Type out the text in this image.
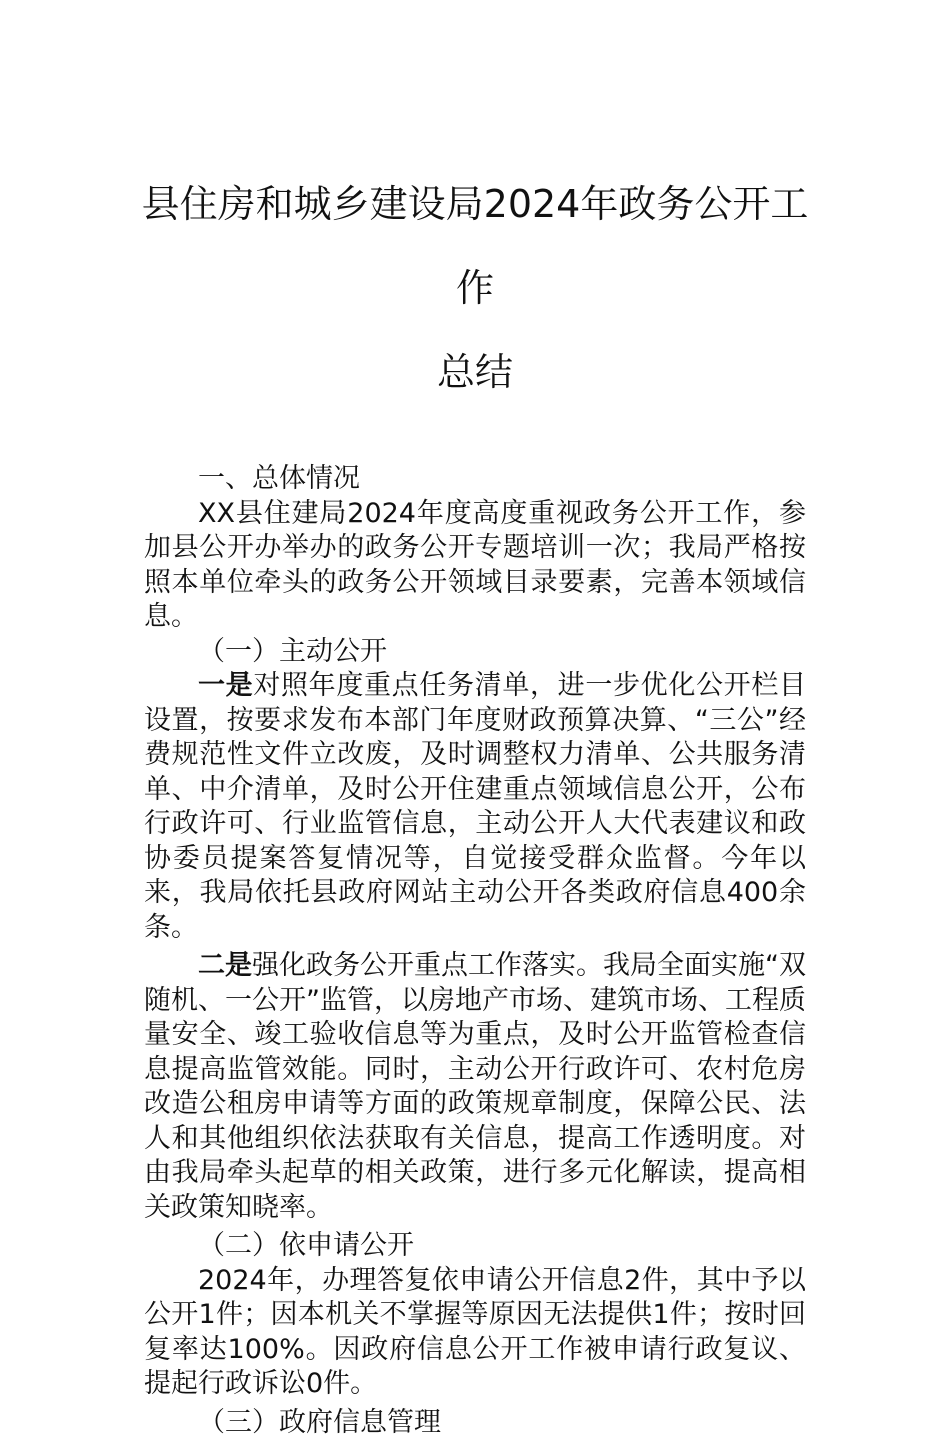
县住房和城乡建设局2024年政务公开工作
总结

一、总体情况

XX县住建局2024年度高度重视政务公开工作，参加县公开办举办的政务公开专题培训一次；我局严格按照本单位牵头的政务公开领域目录要素，完善本领域信息。

（一）主动公开

一是对照年度重点任务清单，进一步优化公开栏目设置，按要求发布本部门年度财政预算决算、“三公”经费规范性文件立改废，及时调整权力清单、公共服务清单、中介清单，及时公开住建重点领域信息公开，公布行政许可、行业监管信息，主动公开人大代表建议和政协委员提案答复情况等，自觉接受群众监督。今年以来，我局依托县政府网站主动公开各类政府信息400余条。

二是强化政务公开重点工作落实。我局全面实施“双随机、一公开”监管，以房地产市场、建筑市场、工程质量安全、竣工验收信息等为重点，及时公开监管检查信息提高监管效能。同时，主动公开行政许可、农村危房改造公租房申请等方面的政策规章制度，保障公民、法人和其他组织依法获取有关信息，提高工作透明度。对由我局牵头起草的相关政策，进行多元化解读，提高相关政策知晓率。

（二）依申请公开

2024年，办理答复依申请公开信息2件，其中予以公开1件；因本机关不掌握等原因无法提供1件；按时回复率达100%。因政府信息公开工作被申请行政复议、提起行政诉讼0件。

（三）政府信息管理
